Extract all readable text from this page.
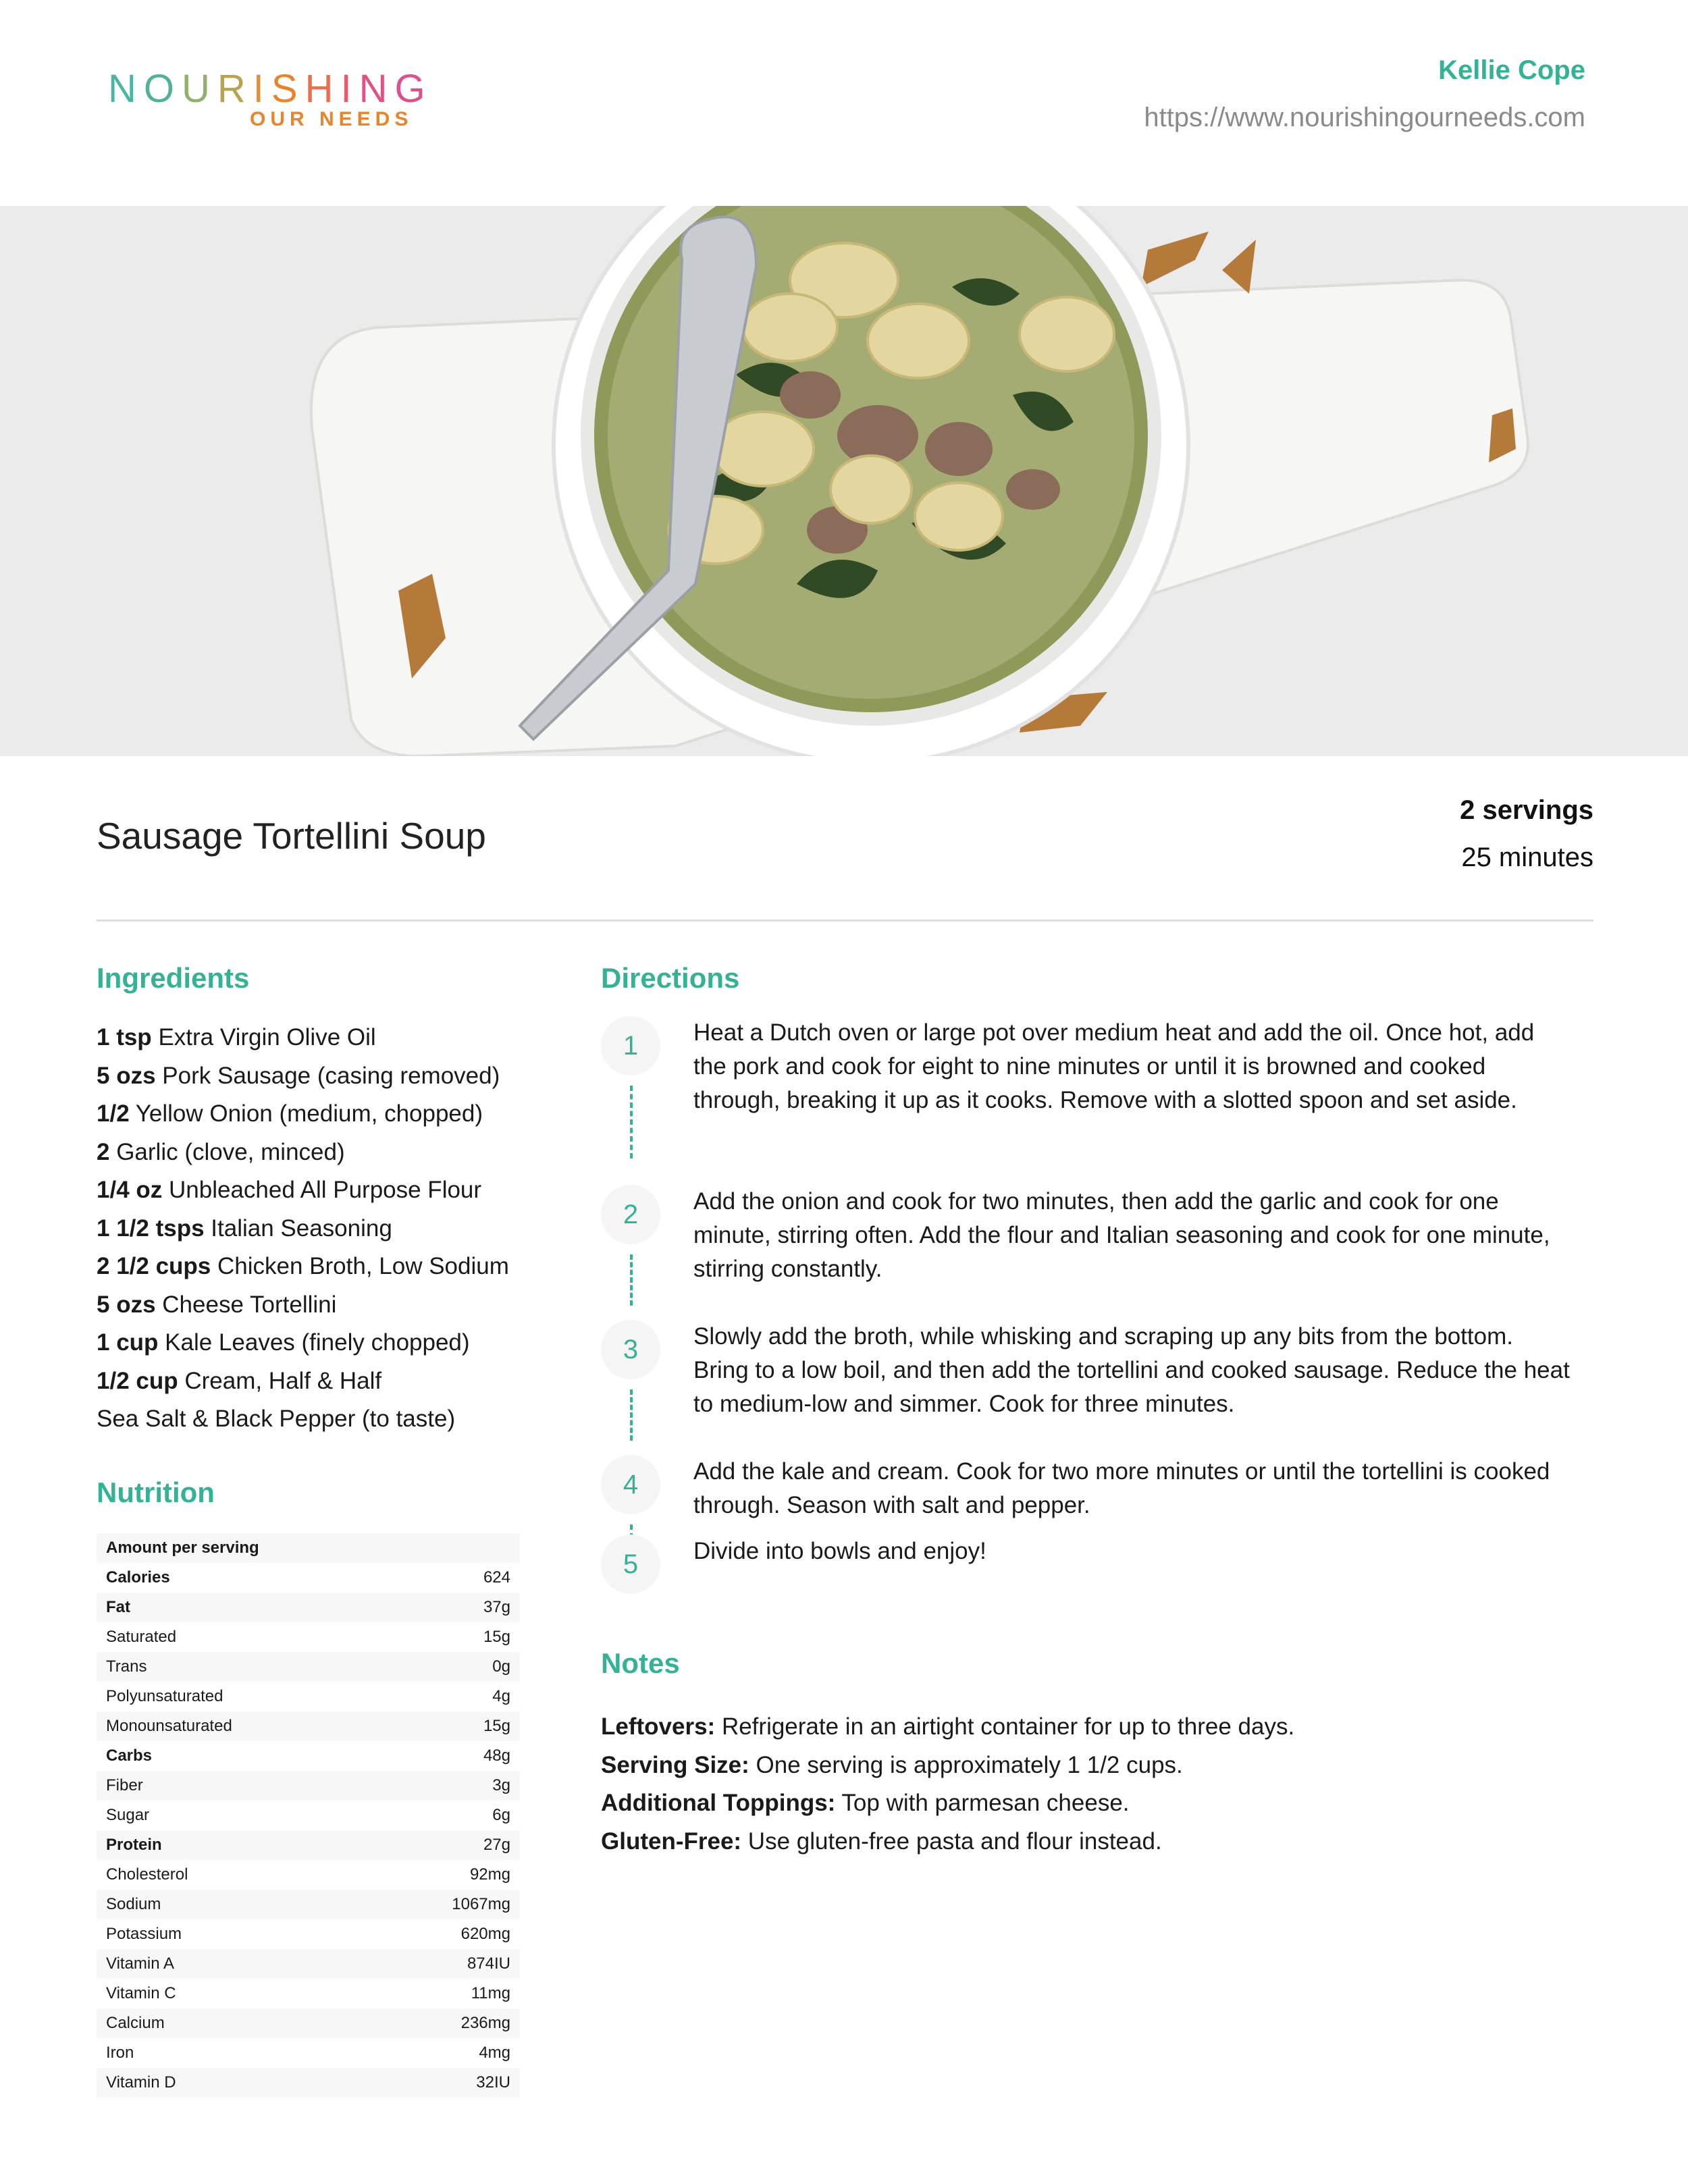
NOURISHING
OUR NEEDS
Kellie Cope
https://www.nourishingourneeds.com
Sausage Tortellini Soup
2 servings
25 minutes
Ingredients
1 tsp Extra Virgin Olive Oil
5 ozs Pork Sausage (casing removed)
1/2 Yellow Onion (medium, chopped)
2 Garlic (clove, minced)
1/4 oz Unbleached All Purpose Flour
1 1/2 tsps Italian Seasoning
2 1/2 cups Chicken Broth, Low Sodium
5 ozs Cheese Tortellini
1 cup Kale Leaves (finely chopped)
1/2 cup Cream, Half & Half
Sea Salt & Black Pepper (to taste)
Nutrition
Amount per serving	
Calories	624
Fat	37g
Saturated	15g
Trans	0g
Polyunsaturated	4g
Monounsaturated	15g
Carbs	48g
Fiber	3g
Sugar	6g
Protein	27g
Cholesterol	92mg
Sodium	1067mg
Potassium	620mg
Vitamin A	874IU
Vitamin C	11mg
Calcium	236mg
Iron	4mg
Vitamin D	32IU
Directions
1	Heat a Dutch oven or large pot over medium heat and add the oil. Once hot, add the pork and cook for eight to nine minutes or until it is browned and cooked through, breaking it up as it cooks. Remove with a slotted spoon and set aside.
2	Add the onion and cook for two minutes, then add the garlic and cook for one minute, stirring often. Add the flour and Italian seasoning and cook for one minute, stirring constantly.
3	Slowly add the broth, while whisking and scraping up any bits from the bottom. Bring to a low boil, and then add the tortellini and cooked sausage. Reduce the heat to medium-low and simmer. Cook for three minutes.
4	Add the kale and cream. Cook for two more minutes or until the tortellini is cooked through. Season with salt and pepper.
5	Divide into bowls and enjoy!
Notes
Leftovers: Refrigerate in an airtight container for up to three days.
Serving Size: One serving is approximately 1 1/2 cups.
Additional Toppings: Top with parmesan cheese.
Gluten-Free: Use gluten-free pasta and flour instead.
